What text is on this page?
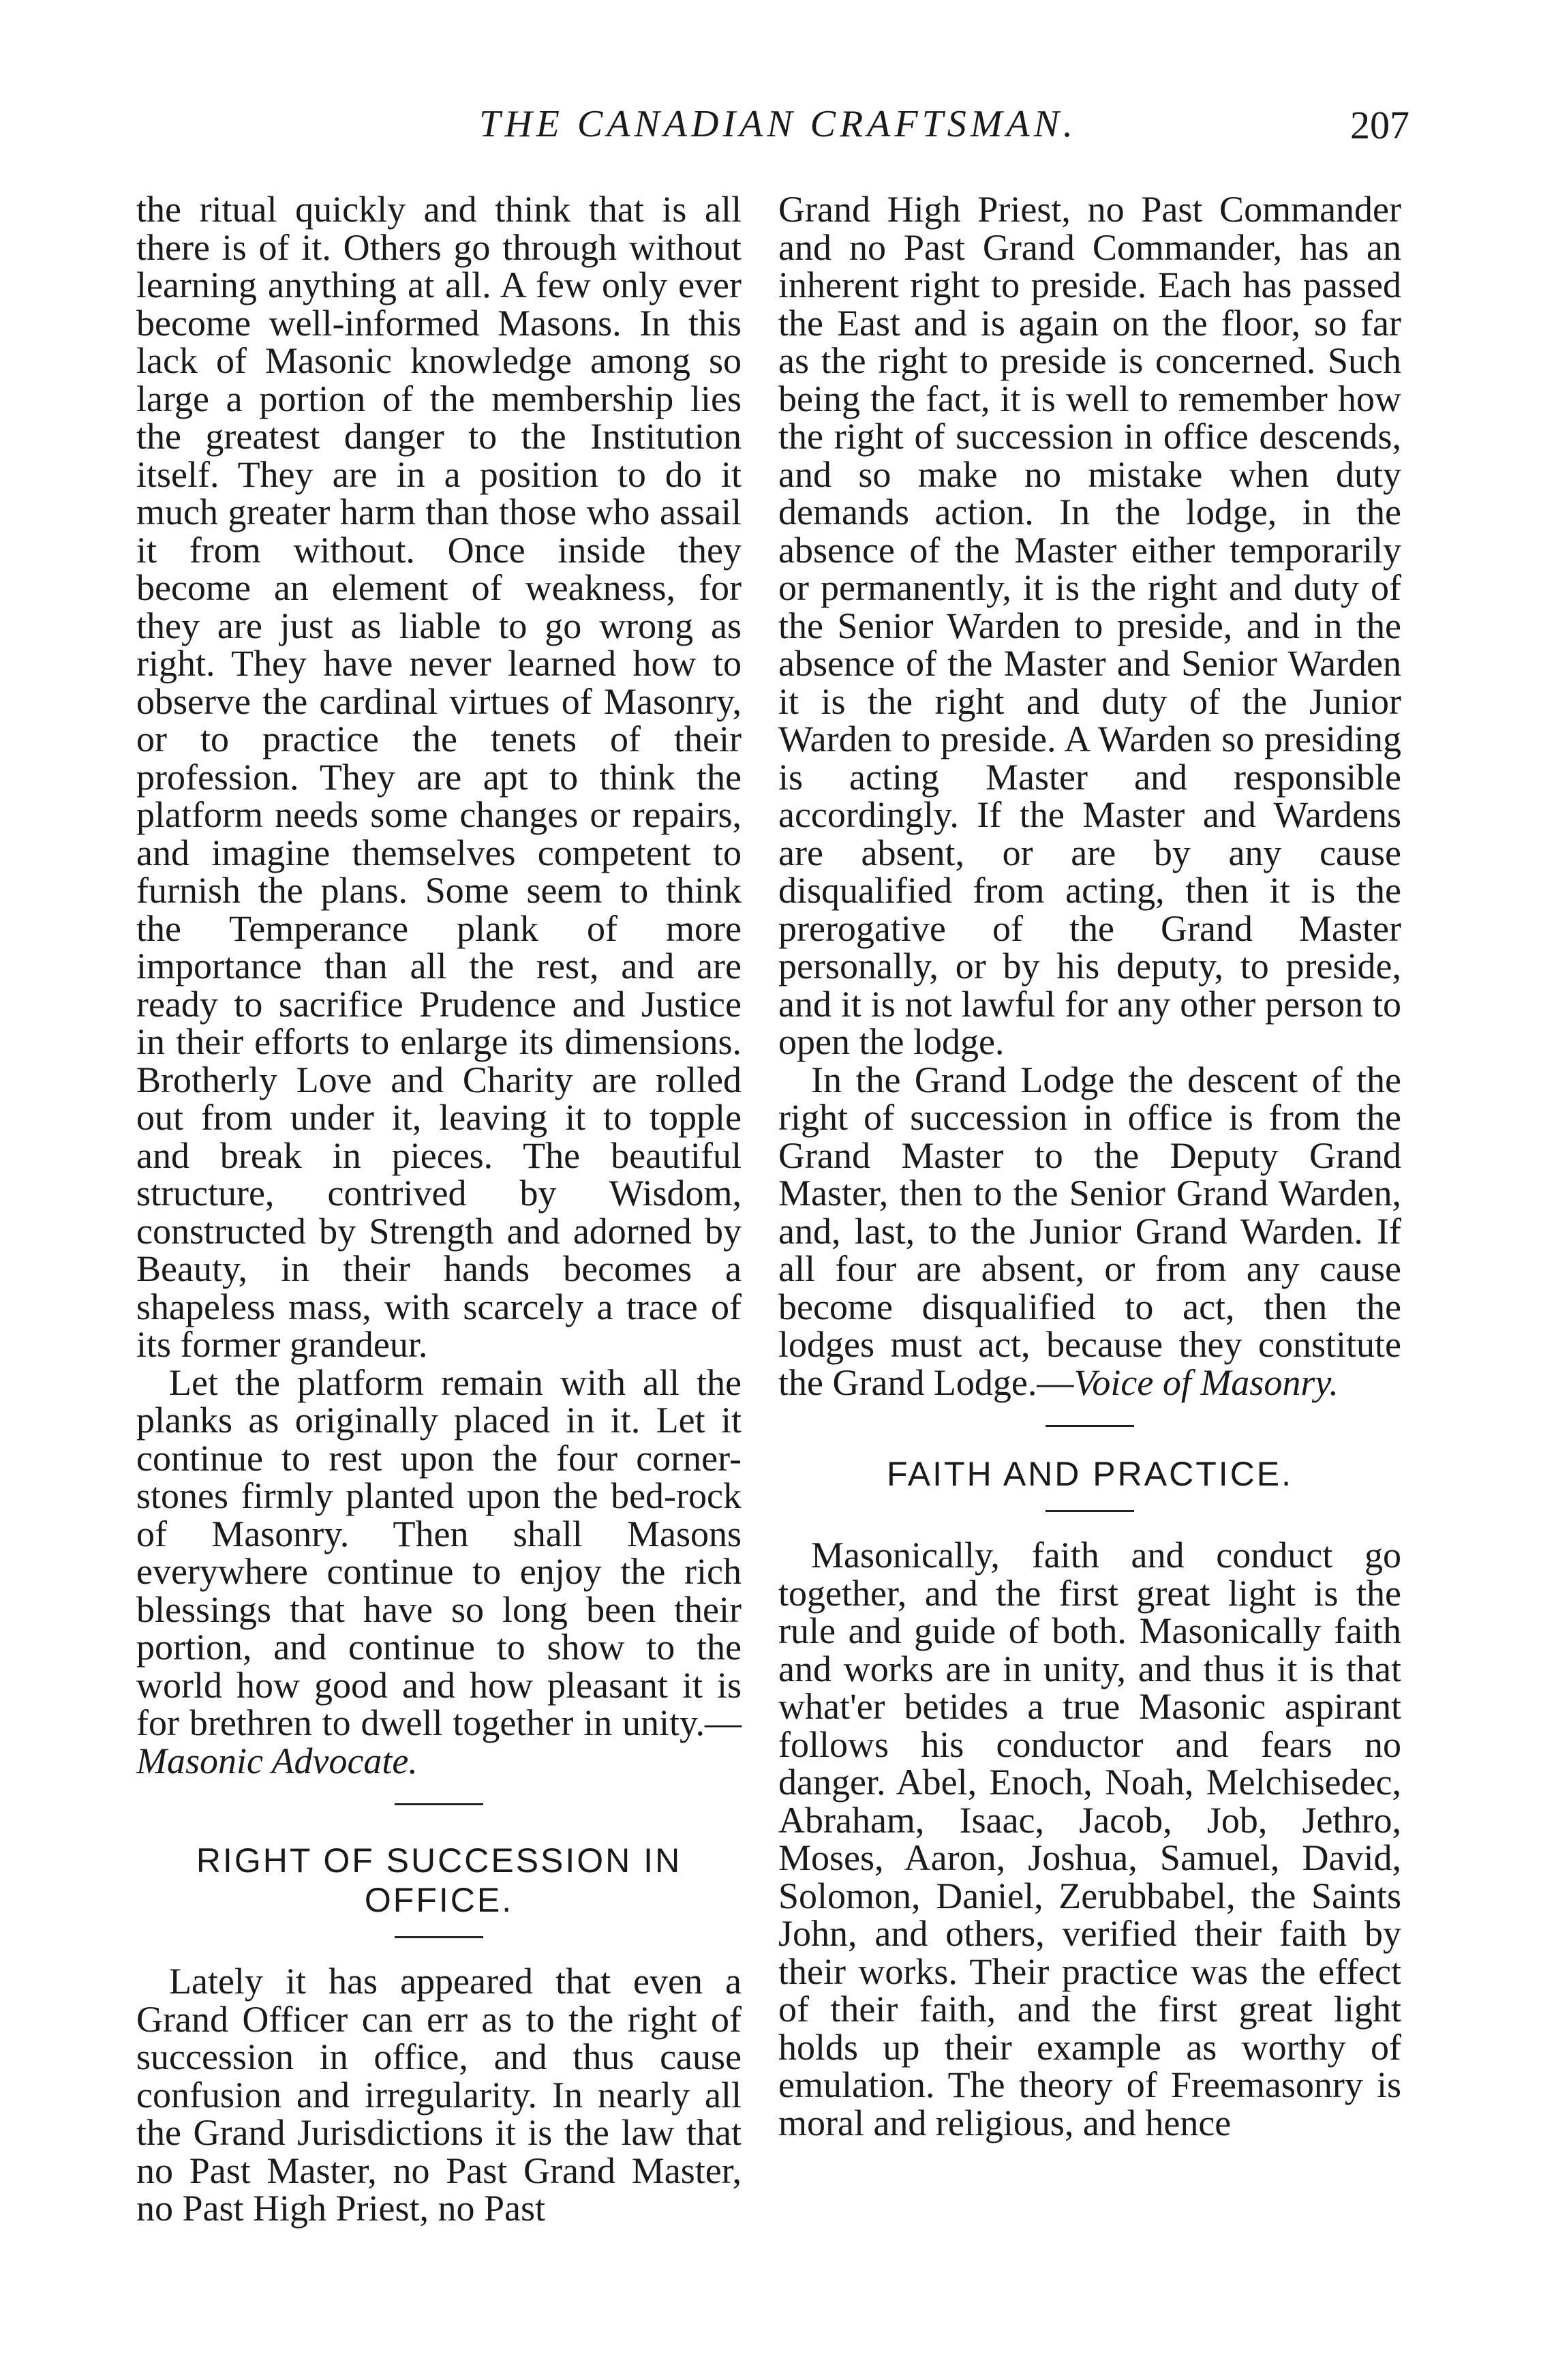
THE CANADIAN CRAFTSMAN.	207

the ritual quickly and think that is all there is of it. Others go through without learning anything at all. A few only ever become well-informed Masons. In this lack of Masonic knowledge among so large a portion of the membership lies the greatest danger to the Institution itself. They are in a position to do it much greater harm than those who assail it from without. Once inside they become an element of weakness, for they are just as liable to go wrong as right. They have never learned how to observe the cardinal virtues of Masonry, or to practice the tenets of their profession. They are apt to think the platform needs some changes or repairs, and imagine themselves competent to furnish the plans. Some seem to think the Temperance plank of more importance than all the rest, and are ready to sacrifice Prudence and Justice in their efforts to enlarge its dimensions. Brotherly Love and Charity are rolled out from under it, leaving it to topple and break in pieces. The beautiful structure, contrived by Wisdom, constructed by Strength and adorned by Beauty, in their hands becomes a shapeless mass, with scarcely a trace of its former grandeur.

Let the platform remain with all the planks as originally placed in it. Let it continue to rest upon the four corner-stones firmly planted upon the bed-rock of Masonry. Then shall Masons everywhere continue to enjoy the rich blessings that have so long been their portion, and continue to show to the world how good and how pleasant it is for brethren to dwell together in unity.—Masonic Advocate.

RIGHT OF SUCCESSION IN OFFICE.

Lately it has appeared that even a Grand Officer can err as to the right of succession in office, and thus cause confusion and irregularity. In nearly all the Grand Jurisdictions it is the law that no Past Master, no Past Grand Master, no Past High Priest, no Past

Grand High Priest, no Past Commander and no Past Grand Commander, has an inherent right to preside. Each has passed the East and is again on the floor, so far as the right to preside is concerned. Such being the fact, it is well to remember how the right of succession in office descends, and so make no mistake when duty demands action. In the lodge, in the absence of the Master either temporarily or permanently, it is the right and duty of the Senior Warden to preside, and in the absence of the Master and Senior Warden it is the right and duty of the Junior Warden to preside. A Warden so presiding is acting Master and responsible accordingly. If the Master and Wardens are absent, or are by any cause disqualified from acting, then it is the prerogative of the Grand Master personally, or by his deputy, to preside, and it is not lawful for any other person to open the lodge.

In the Grand Lodge the descent of the right of succession in office is from the Grand Master to the Deputy Grand Master, then to the Senior Grand Warden, and, last, to the Junior Grand Warden. If all four are absent, or from any cause become disqualified to act, then the lodges must act, because they constitute the Grand Lodge.—Voice of Masonry.

FAITH AND PRACTICE.

Masonically, faith and conduct go together, and the first great light is the rule and guide of both. Masonically faith and works are in unity, and thus it is that what'er betides a true Masonic aspirant follows his conductor and fears no danger. Abel, Enoch, Noah, Melchisedec, Abraham, Isaac, Jacob, Job, Jethro, Moses, Aaron, Joshua, Samuel, David, Solomon, Daniel, Zerubbabel, the Saints John, and others, verified their faith by their works. Their practice was the effect of their faith, and the first great light holds up their example as worthy of emulation. The theory of Freemasonry is moral and religious, and hence
